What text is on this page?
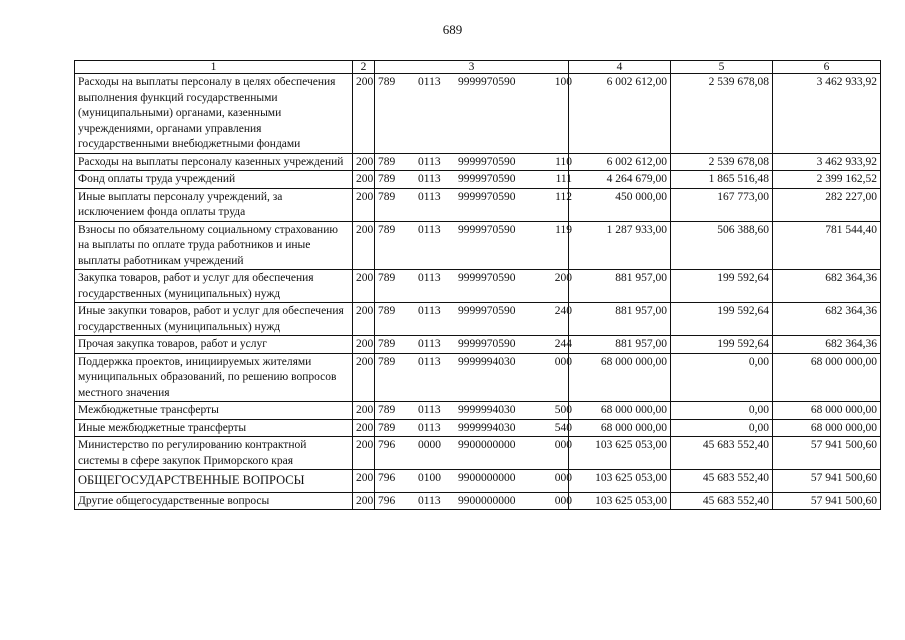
689
1	2	3	4	5	6
Расходы на выплаты персоналу в целях обеспечения выполнения функций государственными (муниципальными) органами, казенными учреждениями, органами управления государственными внебюджетными фондами	200	789 0113 9999970590 100	6 002 612,00	2 539 678,08	3 462 933,92
Расходы на выплаты персоналу казенных учреждений	200	789 0113 9999970590 110	6 002 612,00	2 539 678,08	3 462 933,92
Фонд оплаты труда учреждений	200	789 0113 9999970590 111	4 264 679,00	1 865 516,48	2 399 162,52
Иные выплаты персоналу учреждений, за исключением фонда оплаты труда	200	789 0113 9999970590 112	450 000,00	167 773,00	282 227,00
Взносы по обязательному социальному страхованию на выплаты по оплате труда работников и иные выплаты работникам учреждений	200	789 0113 9999970590 119	1 287 933,00	506 388,60	781 544,40
Закупка товаров, работ и услуг для обеспечения государственных (муниципальных) нужд	200	789 0113 9999970590 200	881 957,00	199 592,64	682 364,36
Иные закупки товаров, работ и услуг для обеспечения государственных (муниципальных) нужд	200	789 0113 9999970590 240	881 957,00	199 592,64	682 364,36
Прочая закупка товаров, работ и услуг	200	789 0113 9999970590 244	881 957,00	199 592,64	682 364,36
Поддержка проектов, инициируемых жителями муниципальных образований, по решению вопросов местного значения	200	789 0113 9999994030 000	68 000 000,00	0,00	68 000 000,00
Межбюджетные трансферты	200	789 0113 9999994030 500	68 000 000,00	0,00	68 000 000,00
Иные межбюджетные трансферты	200	789 0113 9999994030 540	68 000 000,00	0,00	68 000 000,00
Министерство по регулированию контрактной системы в сфере закупок Приморского края	200	796 0000 9900000000 000	103 625 053,00	45 683 552,40	57 941 500,60
ОБЩЕГОСУДАРСТВЕННЫЕ ВОПРОСЫ	200	796 0100 9900000000 000	103 625 053,00	45 683 552,40	57 941 500,60
Другие общегосударственные вопросы	200	796 0113 9900000000 000	103 625 053,00	45 683 552,40	57 941 500,60
